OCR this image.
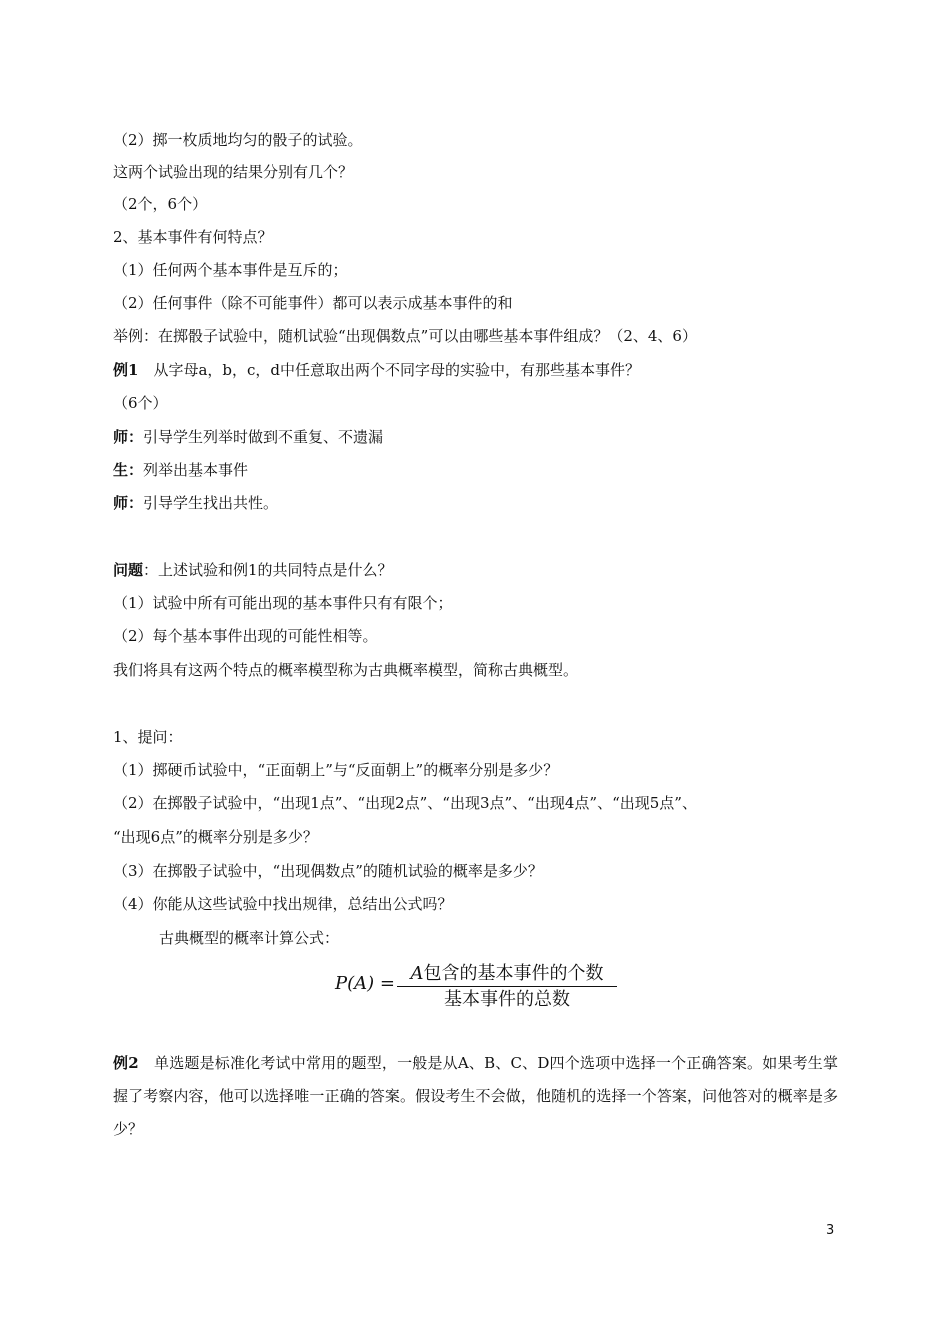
（2）掷一枚质地均匀的骰子的试验。
这两个试验出现的结果分别有几个？
（2个，6个）
2、基本事件有何特点？
（1）任何两个基本事件是互斥的；
（2）任何事件（除不可能事件）都可以表示成基本事件的和
举例：在掷骰子试验中，随机试验“出现偶数点”可以由哪些基本事件组成？（2、4、6）
例1　从字母a，b，c，d中任意取出两个不同字母的实验中，有那些基本事件？
（6个）
师：引导学生列举时做到不重复、不遗漏
生：列举出基本事件
师：引导学生找出共性。
问题：上述试验和例1的共同特点是什么？
（1）试验中所有可能出现的基本事件只有有限个；
（2）每个基本事件出现的可能性相等。
我们将具有这两个特点的概率模型称为古典概率模型，简称古典概型。
1、提问：
（1）掷硬币试验中，“正面朝上”与“反面朝上”的概率分别是多少？
（2）在掷骰子试验中，“出现1点”、“出现2点”、“出现3点”、“出现4点”、“出现5点”、
“出现6点”的概率分别是多少？
（3）在掷骰子试验中，“出现偶数点”的随机试验的概率是多少？
（4）你能从这些试验中找出规律，总结出公式吗？
古典概型的概率计算公式：
P(A) = A包含的基本事件的个数
基本事件的总数
例2　单选题是标准化考试中常用的题型，一般是从A、B、C、D四个选项中选择一个正确答案。如果考生掌握了考察内容，他可以选择唯一正确的答案。假设考生不会做，他随机的选择一个答案，问他答对的概率是多少？
3
